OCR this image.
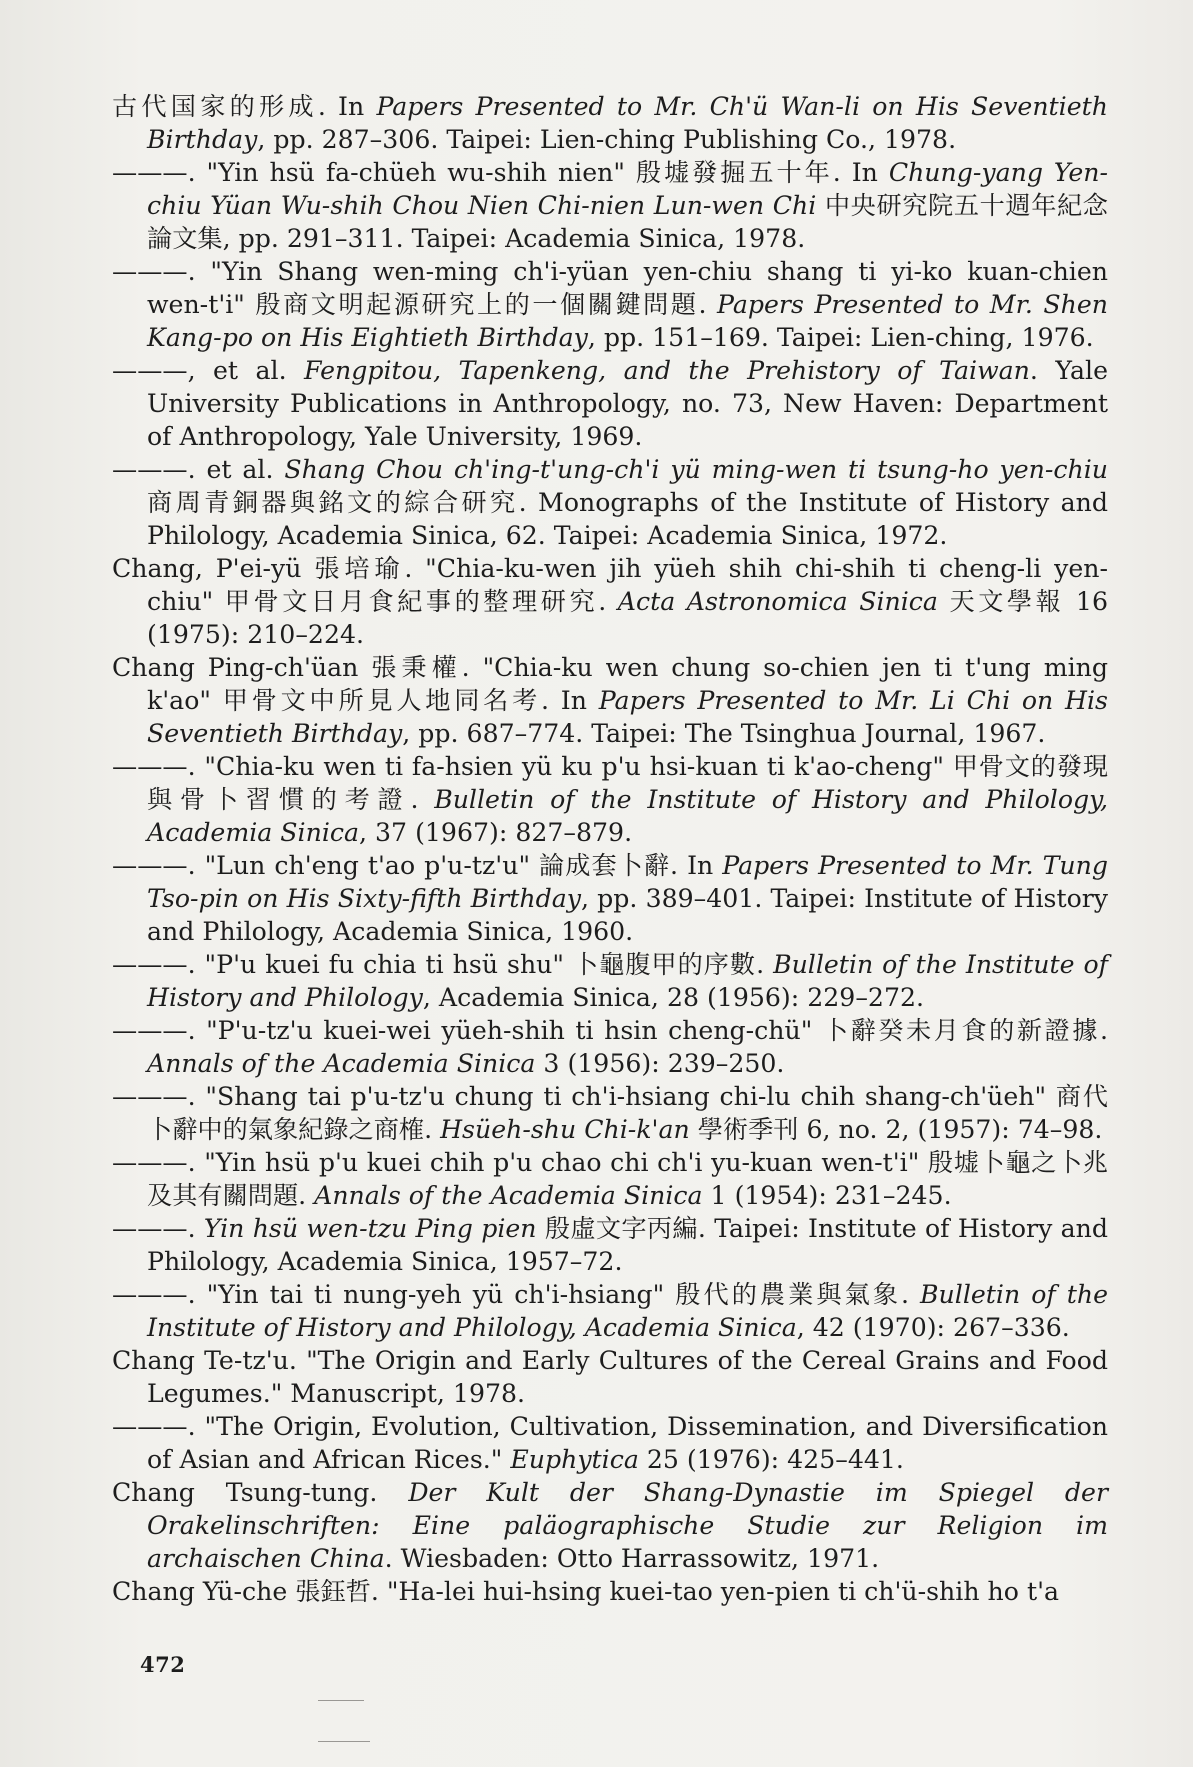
古代国家的形成. In Papers Presented to Mr. Ch'ü Wan-li on His Seventieth Birthday, pp. 287–306. Taipei: Lien-ching Publishing Co., 1978.

———. "Yin hsü fa-chüeh wu-shih nien" 殷墟發掘五十年. In Chung-yang Yen-chiu Yüan Wu-shih Chou Nien Chi-nien Lun-wen Chi 中央研究院五十週年紀念論文集, pp. 291–311. Taipei: Academia Sinica, 1978.

———. "Yin Shang wen-ming ch'i-yüan yen-chiu shang ti yi-ko kuan-chien wen-t'i" 殷商文明起源研究上的一個關鍵問題. Papers Presented to Mr. Shen Kang-po on His Eightieth Birthday, pp. 151–169. Taipei: Lien-ching, 1976.

———, et al. Fengpitou, Tapenkeng, and the Prehistory of Taiwan. Yale University Publications in Anthropology, no. 73, New Haven: Department of Anthropology, Yale University, 1969.

———. et al. Shang Chou ch'ing-t'ung-ch'i yü ming-wen ti tsung-ho yen-chiu 商周青銅器與銘文的綜合研究. Monographs of the Institute of History and Philology, Academia Sinica, 62. Taipei: Academia Sinica, 1972.

Chang, P'ei-yü 張培瑜. "Chia-ku-wen jih yüeh shih chi-shih ti cheng-li yen-chiu" 甲骨文日月食紀事的整理研究. Acta Astronomica Sinica 天文學報 16 (1975): 210–224.

Chang Ping-ch'üan 張秉權. "Chia-ku wen chung so-chien jen ti t'ung ming k'ao" 甲骨文中所見人地同名考. In Papers Presented to Mr. Li Chi on His Seventieth Birthday, pp. 687–774. Taipei: The Tsinghua Journal, 1967.

———. "Chia-ku wen ti fa-hsien yü ku p'u hsi-kuan ti k'ao-cheng" 甲骨文的發現與骨卜習慣的考證. Bulletin of the Institute of History and Philology, Academia Sinica, 37 (1967): 827–879.

———. "Lun ch'eng t'ao p'u-tz'u" 論成套卜辭. In Papers Presented to Mr. Tung Tso-pin on His Sixty-fifth Birthday, pp. 389–401. Taipei: Institute of History and Philology, Academia Sinica, 1960.

———. "P'u kuei fu chia ti hsü shu" 卜龜腹甲的序數. Bulletin of the Institute of History and Philology, Academia Sinica, 28 (1956): 229–272.

———. "P'u-tz'u kuei-wei yüeh-shih ti hsin cheng-chü" 卜辭癸未月食的新證據. Annals of the Academia Sinica 3 (1956): 239–250.

———. "Shang tai p'u-tz'u chung ti ch'i-hsiang chi-lu chih shang-ch'üeh" 商代卜辭中的氣象紀錄之商榷. Hsüeh-shu Chi-k'an 學術季刊 6, no. 2, (1957): 74–98.

———. "Yin hsü p'u kuei chih p'u chao chi ch'i yu-kuan wen-t'i" 殷墟卜龜之卜兆及其有關問題. Annals of the Academia Sinica 1 (1954): 231–245.

———. Yin hsü wen-tzu Ping pien 殷虛文字丙編. Taipei: Institute of History and Philology, Academia Sinica, 1957–72.

———. "Yin tai ti nung-yeh yü ch'i-hsiang" 殷代的農業與氣象. Bulletin of the Institute of History and Philology, Academia Sinica, 42 (1970): 267–336.

Chang Te-tz'u. "The Origin and Early Cultures of the Cereal Grains and Food Legumes." Manuscript, 1978.

———. "The Origin, Evolution, Cultivation, Dissemination, and Diversification of Asian and African Rices." Euphytica 25 (1976): 425–441.

Chang Tsung-tung. Der Kult der Shang-Dynastie im Spiegel der Orakelinschriften: Eine paläographische Studie zur Religion im archaischen China. Wiesbaden: Otto Harrassowitz, 1971.

Chang Yü-che 張鈺哲. "Ha-lei hui-hsing kuei-tao yen-pien ti ch'ü-shih ho t'a

472
